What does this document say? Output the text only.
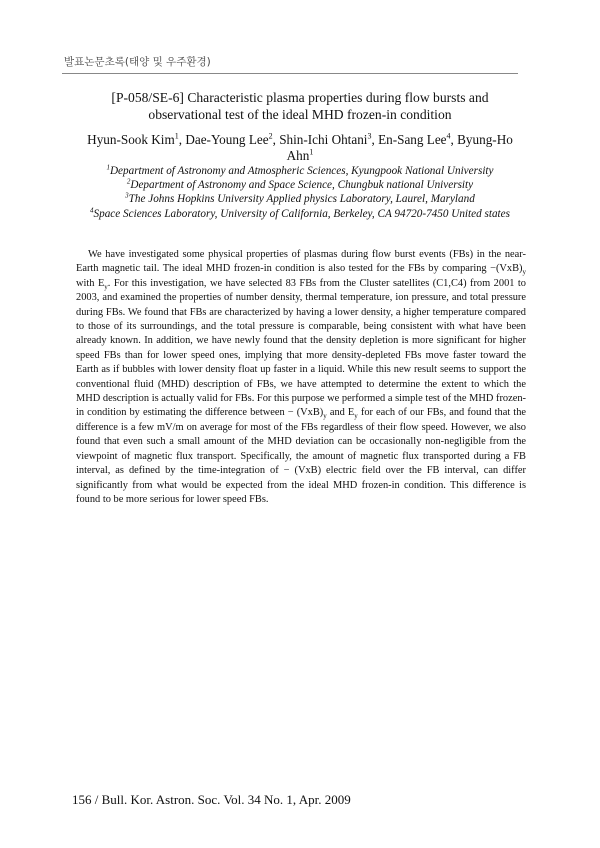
발표논문초록(태양 및 우주환경)
[P-058/SE-6] Characteristic plasma properties during flow bursts and
observational test of the ideal MHD frozen-in condition
Hyun-Sook Kim$^1$, Dae-Young Lee$^2$, Shin-Ichi Ohtani$^3$, En-Sang Lee$^4$, Byung-Ho Ahn$^1$
$^1$Department of Astronomy and Atmospheric Sciences, Kyungpook National University
$^2$Department of Astronomy and Space Science, Chungbuk national University
$^3$The Johns Hopkins University Applied physics Laboratory, Laurel, Maryland
$^4$Space Sciences Laboratory, University of California, Berkeley, CA 94720-7450 United states

We have investigated some physical properties of plasmas during flow burst events (FBs) in the near-Earth magnetic tail. The ideal MHD frozen-in condition is also tested for the FBs by comparing $-(VxB)_y$ with $E_y$. For this investigation, we have selected 83 FBs from the Cluster satellites (C1,C4) from 2001 to 2003, and examined the properties of number density, thermal temperature, ion pressure, and total pressure during FBs. We found that FBs are characterized by having a lower density, a higher temperature compared to those of its surroundings, and the total pressure is comparable, being consistent with what have been already known. In addition, we have newly found that the density depletion is more significant for higher speed FBs than for lower speed ones, implying that more density-depleted FBs move faster toward the Earth as if bubbles with lower density float up faster in a liquid. While this new result seems to support the conventional fluid (MHD) description of FBs, we have attempted to determine the extent to which the MHD description is actually valid for FBs. For this purpose we performed a simple test of the MHD frozen-in condition by estimating the difference between − $(VxB)_y$ and $E_y$ for each of our FBs, and found that the difference is a few mV/m on average for most of the FBs regardless of their flow speed. However, we also found that even such a small amount of the MHD deviation can be occasionally non-negligible from the viewpoint of magnetic flux transport. Specifically, the amount of magnetic flux transported during a FB interval, as defined by the time-integration of − (VxB) electric field over the FB interval, can differ significantly from what would be expected from the ideal MHD frozen-in condition. This difference is found to be more serious for lower speed FBs.

156 / Bull. Kor. Astron. Soc. Vol. 34 No. 1, Apr. 2009
